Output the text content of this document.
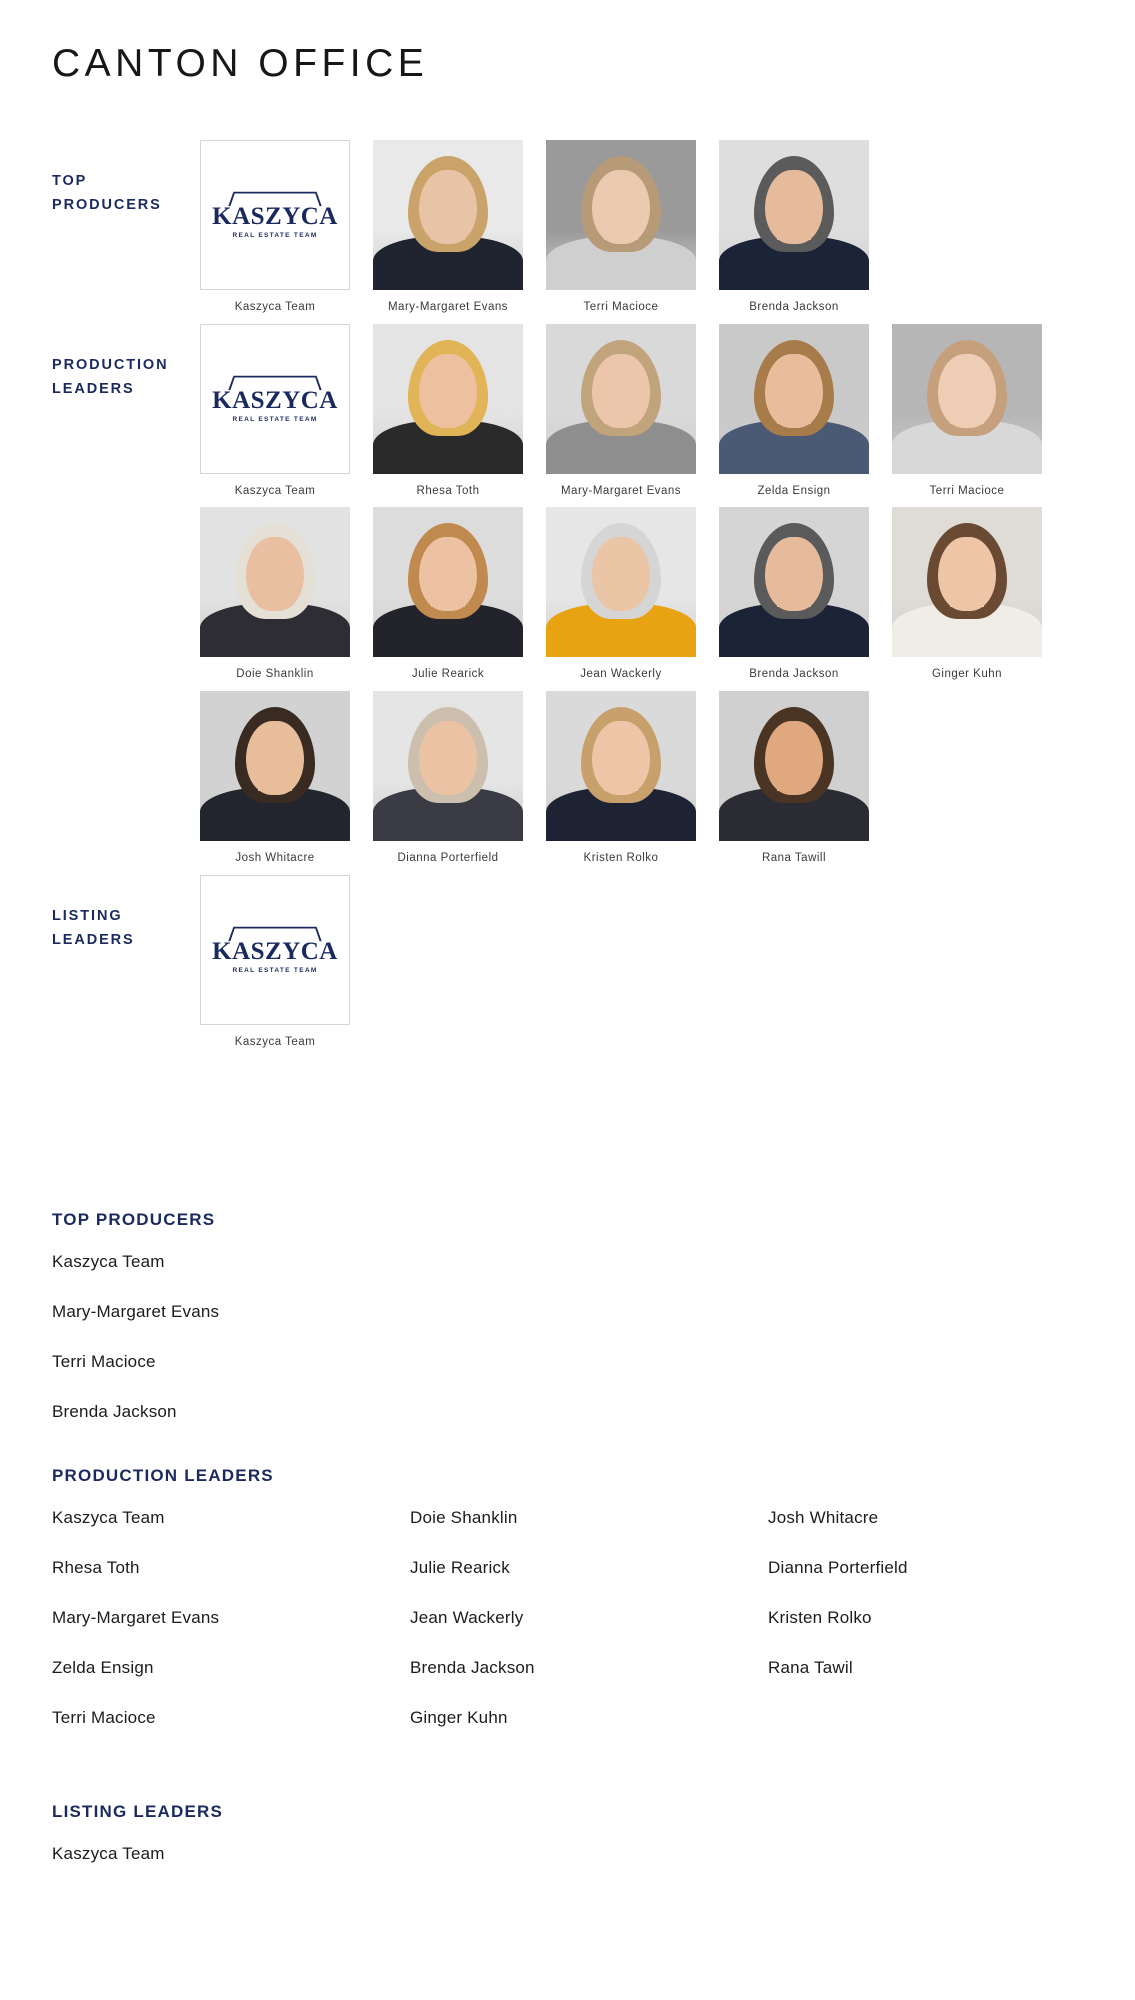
CANTON OFFICE
TOP
PRODUCERS	KASZYCA
REAL ESTATE TEAM
Kaszyca Team	Mary-Margaret Evans	Terri Macioce	Brenda Jackson
PRODUCTION
LEADERS	KASZYCA
REAL ESTATE TEAM
Kaszyca Team	Rhesa Toth	Mary-Margaret Evans	Zelda Ensign	Terri Macioce
Doie Shanklin	Julie Rearick	Jean Wackerly	Brenda Jackson	Ginger Kuhn
Josh Whitacre	Dianna Porterfield	Kristen Rolko	Rana Tawill
LISTING
LEADERS	KASZYCA
REAL ESTATE TEAM
Kaszyca Team
TOP PRODUCERS
Kaszyca Team
Mary-Margaret Evans
Terri Macioce
Brenda Jackson
PRODUCTION LEADERS
Kaszyca Team
Rhesa Toth
Mary-Margaret Evans
Zelda Ensign
Terri Macioce
Doie Shanklin
Julie Rearick
Jean Wackerly
Brenda Jackson
Ginger Kuhn
Josh Whitacre
Dianna Porterfield
Kristen Rolko
Rana Tawil
LISTING LEADERS
Kaszyca Team
